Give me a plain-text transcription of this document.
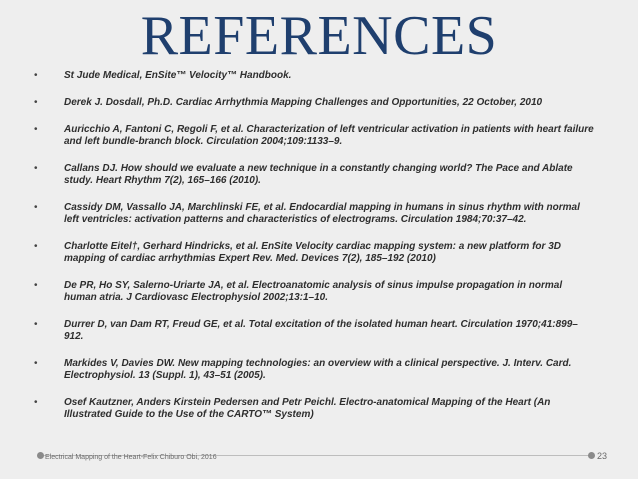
REFERENCES
•	St Jude Medical, EnSite™ Velocity™ Handbook.
•	Derek J. Dosdall, Ph.D. Cardiac Arrhythmia Mapping Challenges and Opportunities, 22 October, 2010
•	Auricchio A, Fantoni C, Regoli F, et al. Characterization of left ventricular activation in patients with heart failure and left bundle-branch block. Circulation 2004;109:1133–9.
•	Callans DJ. How should we evaluate a new technique in a constantly changing world? The Pace and Ablate study. Heart Rhythm 7(2), 165–166 (2010).
•	Cassidy DM, Vassallo JA, Marchlinski FE, et al. Endocardial mapping in humans in sinus rhythm with normal left ventricles: activation patterns and characteristics of electrograms. Circulation 1984;70:37–42.
•	Charlotte Eitel†, Gerhard Hindricks, et al. EnSite Velocity cardiac mapping system: a new platform for 3D mapping of cardiac arrhythmias Expert Rev. Med. Devices 7(2), 185–192 (2010)
•	De PR, Ho SY, Salerno-Uriarte JA, et al. Electroanatomic analysis of sinus impulse propagation in normal human atria. J Cardiovasc Electrophysiol 2002;13:1–10.
•	Durrer D, van Dam RT, Freud GE, et al. Total excitation of the isolated human heart. Circulation 1970;41:899–912.
•	Markides V, Davies DW. New mapping technologies: an overview with a clinical perspective. J. Interv. Card. Electrophysiol. 13 (Suppl. 1), 43–51 (2005).
•	Osef Kautzner, Anders Kirstein Pedersen and Petr Peichl. Electro-anatomical Mapping of the Heart (An Illustrated Guide to the Use of the CARTO™ System)
Electrical Mapping of the Heart-Felix Chiburo Obi, 2016	23
